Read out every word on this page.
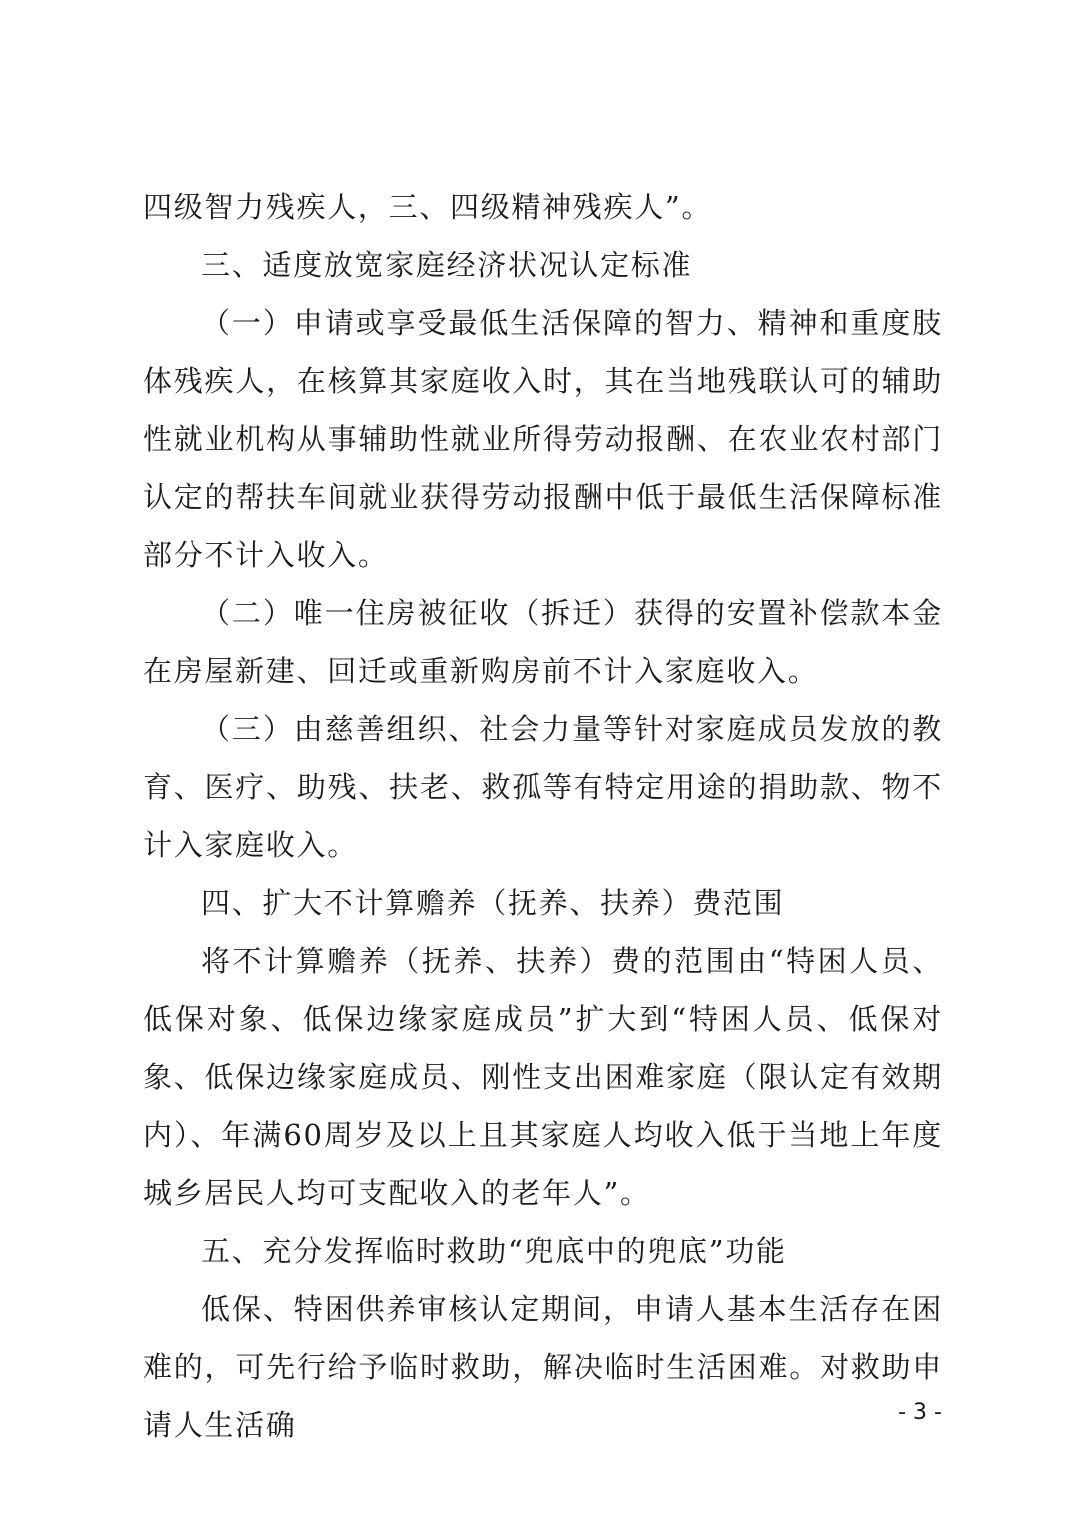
四级智力残疾人，三、四级精神残疾人”。

三、适度放宽家庭经济状况认定标准

（一）申请或享受最低生活保障的智力、精神和重度肢体残疾人，在核算其家庭收入时，其在当地残联认可的辅助性就业机构从事辅助性就业所得劳动报酬、在农业农村部门认定的帮扶车间就业获得劳动报酬中低于最低生活保障标准部分不计入收入。

（二）唯一住房被征收（拆迁）获得的安置补偿款本金在房屋新建、回迁或重新购房前不计入家庭收入。

（三）由慈善组织、社会力量等针对家庭成员发放的教育、医疗、助残、扶老、救孤等有特定用途的捐助款、物不计入家庭收入。

四、扩大不计算赡养（抚养、扶养）费范围

将不计算赡养（抚养、扶养）费的范围由“特困人员、低保对象、低保边缘家庭成员”扩大到“特困人员、低保对象、低保边缘家庭成员、刚性支出困难家庭（限认定有效期内）、年满60周岁及以上且其家庭人均收入低于当地上年度城乡居民人均可支配收入的老年人”。

五、充分发挥临时救助“兜底中的兜底”功能

低保、特困供养审核认定期间，申请人基本生活存在困难的，可先行给予临时救助，解决临时生活困难。对救助申请人生活确	- 3 -
